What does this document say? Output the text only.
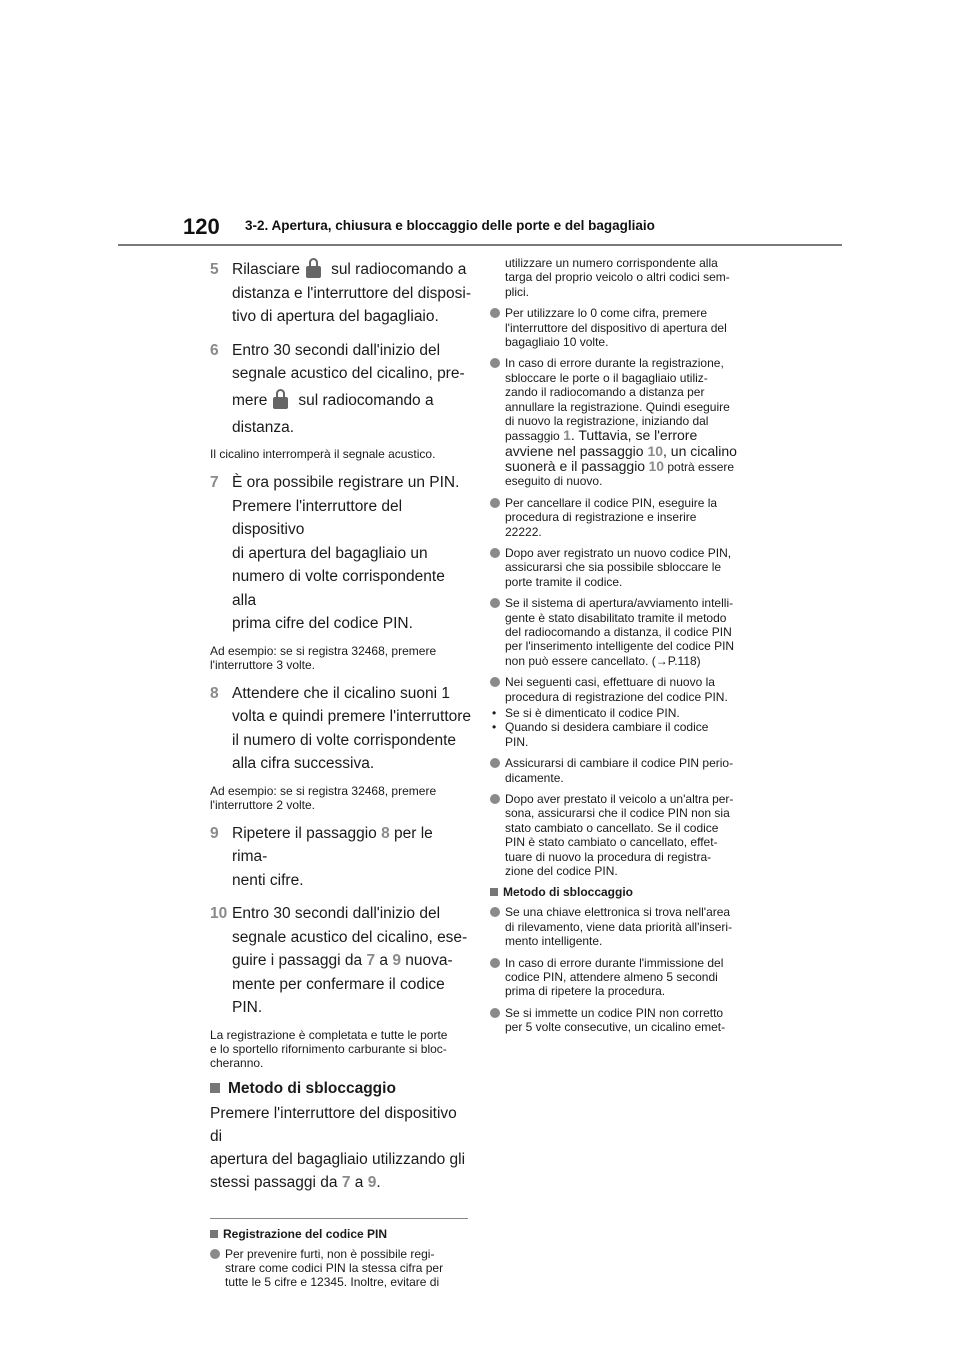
120 3-2. Apertura, chiusura e bloccaggio delle porte e del bagagliaio
5 Rilasciare sul radiocomando a
distanza e l'interruttore del disposi-
tivo di apertura del bagagliaio.
6 Entro 30 secondi dall'inizio del
segnale acustico del cicalino, pre-
mere sul radiocomando a
distanza.
Il cicalino interromperà il segnale acustico.
7 È ora possibile registrare un PIN.
Premere l'interruttore del dispositivo
di apertura del bagagliaio un
numero di volte corrispondente alla
prima cifre del codice PIN.
Ad esempio: se si registra 32468, premere
l'interruttore 3 volte.
8 Attendere che il cicalino suoni 1
volta e quindi premere l'interruttore
il numero di volte corrispondente
alla cifra successiva.
Ad esempio: se si registra 32468, premere
l'interruttore 2 volte.
9 Ripetere il passaggio 8 per le rima-
nenti cifre.
10 Entro 30 secondi dall'inizio del
segnale acustico del cicalino, ese-
guire i passaggi da 7 a 9 nuova-
mente per confermare il codice PIN.
La registrazione è completata e tutte le porte
e lo sportello rifornimento carburante si bloc-
cheranno.
Metodo di sbloccaggio
Premere l'interruttore del dispositivo di
apertura del bagagliaio utilizzando gli
stessi passaggi da 7 a 9.
Registrazione del codice PIN
Per prevenire furti, non è possibile regi-
strare come codici PIN la stessa cifra per
tutte le 5 cifre e 12345. Inoltre, evitare di
utilizzare un numero corrispondente alla
targa del proprio veicolo o altri codici sem-
plici.
Per utilizzare lo 0 come cifra, premere
l'interruttore del dispositivo di apertura del
bagagliaio 10 volte.
In caso di errore durante la registrazione,
sbloccare le porte o il bagagliaio utiliz-
zando il radiocomando a distanza per
annullare la registrazione. Quindi eseguire
di nuovo la registrazione, iniziando dal
passaggio 1. Tuttavia, se l'errore
avviene nel passaggio 10, un cicalino
suonerà e il passaggio 10 potrà essere
eseguito di nuovo.
Per cancellare il codice PIN, eseguire la
procedura di registrazione e inserire
22222.
Dopo aver registrato un nuovo codice PIN,
assicurarsi che sia possibile sbloccare le
porte tramite il codice.
Se il sistema di apertura/avviamento intelli-
gente è stato disabilitato tramite il metodo
del radiocomando a distanza, il codice PIN
per l'inserimento intelligente del codice PIN
non può essere cancellato. (→P.118)
Nei seguenti casi, effettuare di nuovo la
procedura di registrazione del codice PIN.
• Se si è dimenticato il codice PIN.
• Quando si desidera cambiare il codice
PIN.
Assicurarsi di cambiare il codice PIN perio-
dicamente.
Dopo aver prestato il veicolo a un'altra per-
sona, assicurarsi che il codice PIN non sia
stato cambiato o cancellato. Se il codice
PIN è stato cambiato o cancellato, effet-
tuare di nuovo la procedura di registra-
zione del codice PIN.
Metodo di sbloccaggio
Se una chiave elettronica si trova nell'area
di rilevamento, viene data priorità all'inseri-
mento intelligente.
In caso di errore durante l'immissione del
codice PIN, attendere almeno 5 secondi
prima di ripetere la procedura.
Se si immette un codice PIN non corretto
per 5 volte consecutive, un cicalino emet-
